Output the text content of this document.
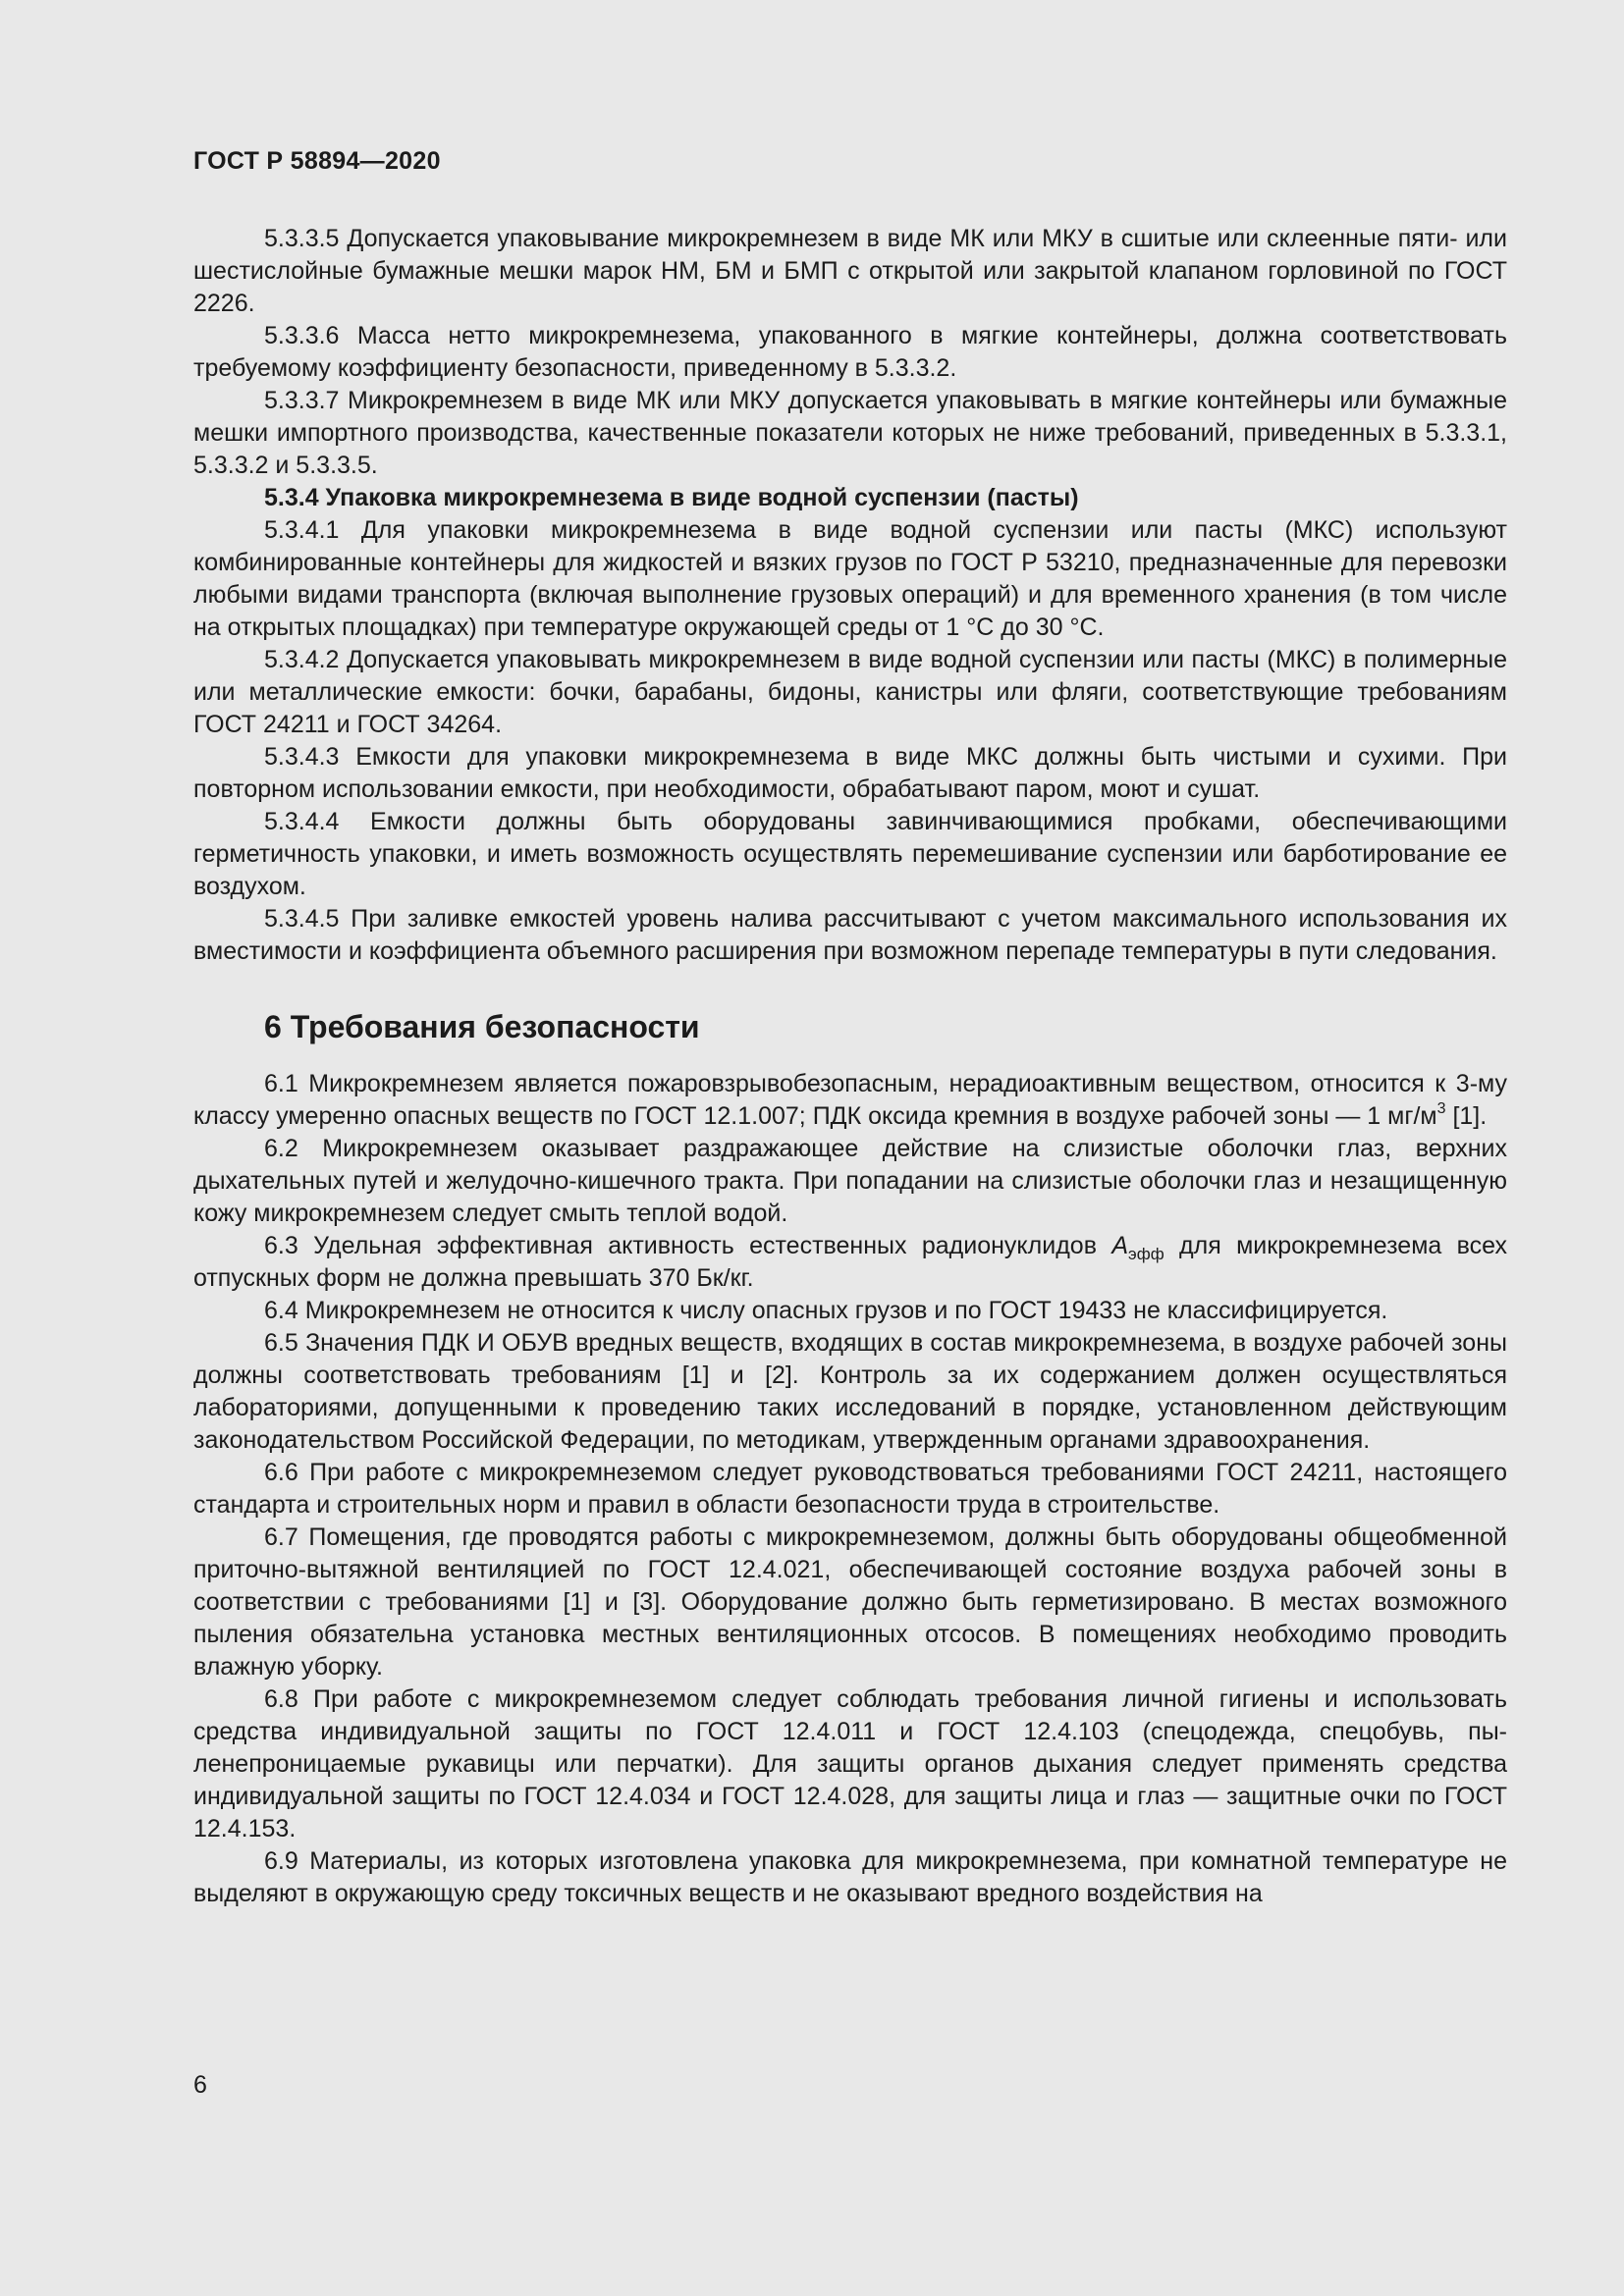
ГОСТ Р 58894—2020

5.3.3.5 Допускается упаковывание микрокремнезем в виде МК или МКУ в сшитые или склеенные пяти- или шестислойные бумажные мешки марок НМ, БМ и БМП с открытой или закрытой клапаном горловиной по ГОСТ 2226.

5.3.3.6 Масса нетто микрокремнезема, упакованного в мягкие контейнеры, должна соответствовать требуемому коэффициенту безопасности, приведенному в 5.3.3.2.

5.3.3.7 Микрокремнезем в виде МК или МКУ допускается упаковывать в мягкие контейнеры или бумажные мешки импортного производства, качественные показатели которых не ниже требований, приведенных в 5.3.3.1, 5.3.3.2 и 5.3.3.5.

5.3.4 Упаковка микрокремнезема в виде водной суспензии (пасты)

5.3.4.1 Для упаковки микрокремнезема в виде водной суспензии или пасты (МКС) используют комбинированные контейнеры для жидкостей и вязких грузов по ГОСТ Р 53210, предназначенные для перевозки любыми видами транспорта (включая выполнение грузовых операций) и для временного хранения (в том числе на открытых площадках) при температуре окружающей среды от 1 °С до 30 °С.

5.3.4.2 Допускается упаковывать микрокремнезем в виде водной суспензии или пасты (МКС) в полимерные или металлические емкости: бочки, барабаны, бидоны, канистры или фляги, соответствующие требованиям ГОСТ 24211 и ГОСТ 34264.

5.3.4.3 Емкости для упаковки микрокремнезема в виде МКС должны быть чистыми и сухими. При повторном использовании емкости, при необходимости, обрабатывают паром, моют и сушат.

5.3.4.4 Емкости должны быть оборудованы завинчивающимися пробками, обеспечивающими герметичность упаковки, и иметь возможность осуществлять перемешивание суспензии или барботирование ее воздухом.

5.3.4.5 При заливке емкостей уровень налива рассчитывают с учетом максимального использования их вместимости и коэффициента объемного расширения при возможном перепаде температуры в пути следования.

6 Требования безопасности

6.1 Микрокремнезем является пожаровзрывобезопасным, нерадиоактивным веществом, относится к 3-му классу умеренно опасных веществ по ГОСТ 12.1.007; ПДК оксида кремния в воздухе рабочей зоны — 1 $мг/м^3$ [1].

6.2 Микрокремнезем оказывает раздражающее действие на слизистые оболочки глаз, верхних дыхательных путей и желудочно-кишечного тракта. При попадании на слизистые оболочки глаз и незащищенную кожу микрокремнезем следует смыть теплой водой.

6.3 Удельная эффективная активность естественных радионуклидов $А_{эфф}$ для микрокремнезема всех отпускных форм не должна превышать 370 Бк/кг.

6.4 Микрокремнезем не относится к числу опасных грузов и по ГОСТ 19433 не классифицируется.

6.5 Значения ПДК И ОБУВ вредных веществ, входящих в состав микрокремнезема, в воздухе рабочей зоны должны соответствовать требованиям [1] и [2]. Контроль за их содержанием должен осуществляться лабораториями, допущенными к проведению таких исследований в порядке, установленном действующим законодательством Российской Федерации, по методикам, утвержденным органами здравоохранения.

6.6 При работе с микрокремнеземом следует руководствоваться требованиями ГОСТ 24211, настоящего стандарта и строительных норм и правил в области безопасности труда в строительстве.

6.7 Помещения, где проводятся работы с микрокремнеземом, должны быть оборудованы общеобменной приточно-вытяжной вентиляцией по ГОСТ 12.4.021, обеспечивающей состояние воздуха рабочей зоны в соответствии с требованиями [1] и [3]. Оборудование должно быть герметизировано. В местах возможного пыления обязательна установка местных вентиляционных отсосов. В помещениях необходимо проводить влажную уборку.

6.8 При работе с микрокремнеземом следует соблюдать требования личной гигиены и использовать средства индивидуальной защиты по ГОСТ 12.4.011 и ГОСТ 12.4.103 (спецодежда, спецобувь, пыленепроницаемые рукавицы или перчатки). Для защиты органов дыхания следует применять средства индивидуальной защиты по ГОСТ 12.4.034 и ГОСТ 12.4.028, для защиты лица и глаз — защитные очки по ГОСТ 12.4.153.

6.9 Материалы, из которых изготовлена упаковка для микрокремнезема, при комнатной температуре не выделяют в окружающую среду токсичных веществ и не оказывают вредного воздействия на

6
